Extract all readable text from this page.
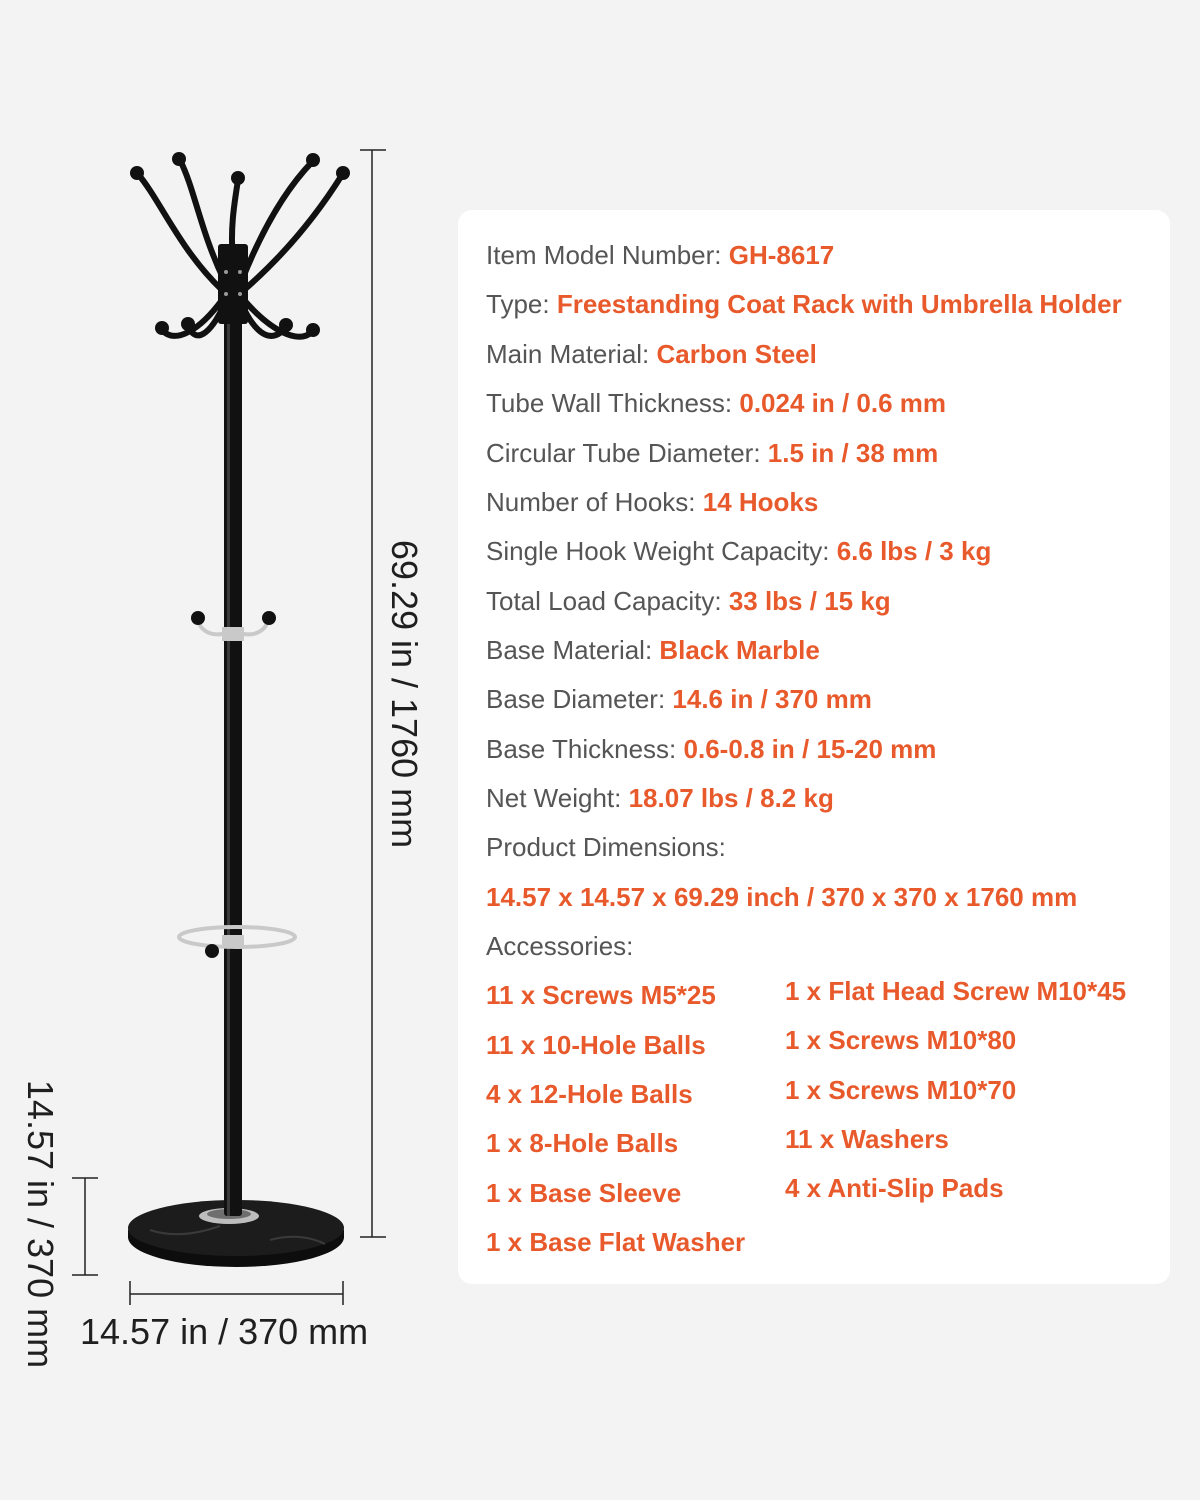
69.29 in / 1760 mm
14.57 in / 370 mm 14.57 in / 370 mm
Item Model Number: GH-8617
Type: Freestanding Coat Rack with Umbrella Holder
Main Material: Carbon Steel
Tube Wall Thickness: 0.024 in / 0.6 mm
Circular Tube Diameter: 1.5 in / 38 mm
Number of Hooks: 14 Hooks
Single Hook Weight Capacity: 6.6 lbs / 3 kg
Total Load Capacity: 33 lbs / 15 kg
Base Material: Black Marble
Base Diameter: 14.6 in / 370 mm
Base Thickness: 0.6-0.8 in / 15-20 mm
Net Weight: 18.07 lbs / 8.2 kg
Product Dimensions:
14.57 x 14.57 x 69.29 inch / 370 x 370 x 1760 mm
Accessories:
11 x Screws M5*25
11 x 10-Hole Balls
4 x 12-Hole Balls
1 x 8-Hole Balls
1 x Base Sleeve
1 x Base Flat Washer
1 x Flat Head Screw M10*45
1 x Screws M10*80
1 x Screws M10*70
11 x Washers
4 x Anti-Slip Pads
